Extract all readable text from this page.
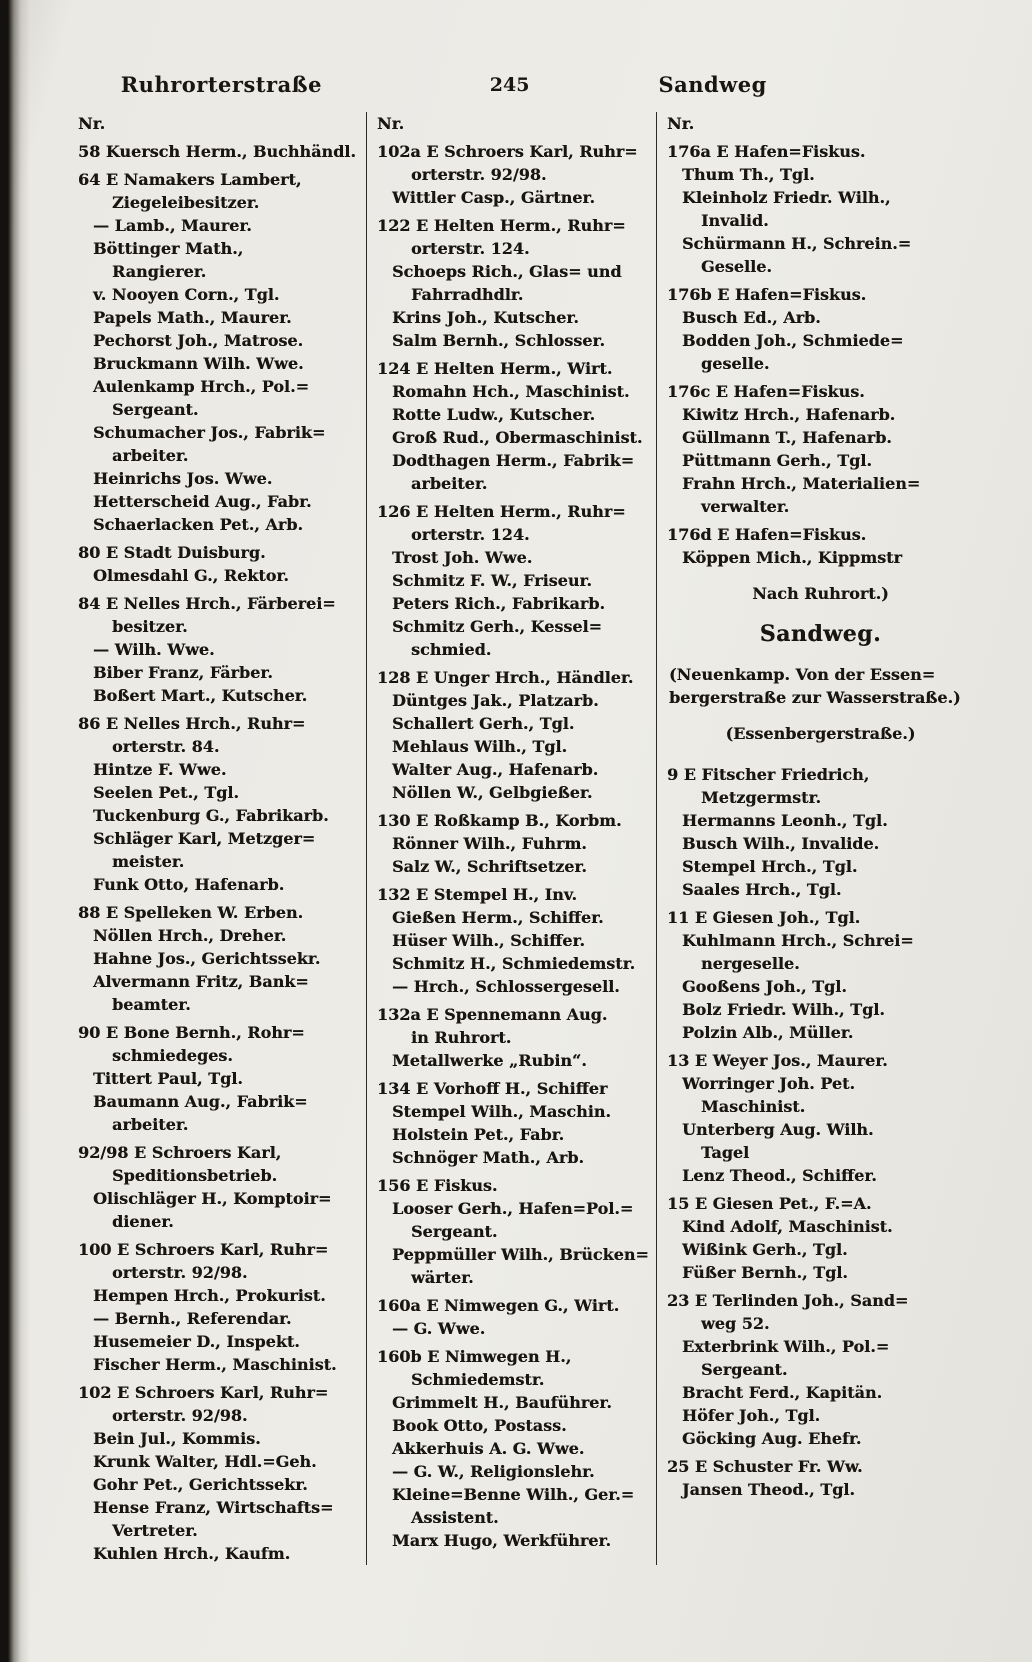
Ruhrorterstraße	245	Sandweg
Nr.
58 Kuersch Herm., Buchhändl.
64 E Namakers Lambert,
Ziegeleibesitzer.
— Lamb., Maurer.
Böttinger Math.,
Rangierer.
v. Nooyen Corn., Tgl.
Papels Math., Maurer.
Pechorst Joh., Matrose.
Bruckmann Wilh. Wwe.
Aulenkamp Hrch., Pol.=
Sergeant.
Schumacher Jos., Fabrik=
arbeiter.
Heinrichs Jos. Wwe.
Hetterscheid Aug., Fabr.
Schaerlacken Pet., Arb.
80 E Stadt Duisburg.
Olmesdahl G., Rektor.
84 E Nelles Hrch., Färberei=
besitzer.
— Wilh. Wwe.
Biber Franz, Färber.
Boßert Mart., Kutscher.
86 E Nelles Hrch., Ruhr=
orterstr. 84.
Hintze F. Wwe.
Seelen Pet., Tgl.
Tuckenburg G., Fabrikarb.
Schläger Karl, Metzger=
meister.
Funk Otto, Hafenarb.
88 E Spelleken W. Erben.
Nöllen Hrch., Dreher.
Hahne Jos., Gerichtssekr.
Alvermann Fritz, Bank=
beamter.
90 E Bone Bernh., Rohr=
schmiedeges.
Tittert Paul, Tgl.
Baumann Aug., Fabrik=
arbeiter.
92/98 E Schroers Karl,
Speditionsbetrieb.
Olischläger H., Komptoir=
diener.
100 E Schroers Karl, Ruhr=
orterstr. 92/98.
Hempen Hrch., Prokurist.
— Bernh., Referendar.
Husemeier D., Inspekt.
Fischer Herm., Maschinist.
102 E Schroers Karl, Ruhr=
orterstr. 92/98.
Bein Jul., Kommis.
Krunk Walter, Hdl.=Geh.
Gohr Pet., Gerichtssekr.
Hense Franz, Wirtschafts=
Vertreter.
Kuhlen Hrch., Kaufm.
Nr.
102a E Schroers Karl, Ruhr=
orterstr. 92/98.
Wittler Casp., Gärtner.
122 E Helten Herm., Ruhr=
orterstr. 124.
Schoeps Rich., Glas= und
Fahrradhdlr.
Krins Joh., Kutscher.
Salm Bernh., Schlosser.
124 E Helten Herm., Wirt.
Romahn Hch., Maschinist.
Rotte Ludw., Kutscher.
Groß Rud., Obermaschinist.
Dodthagen Herm., Fabrik=
arbeiter.
126 E Helten Herm., Ruhr=
orterstr. 124.
Trost Joh. Wwe.
Schmitz F. W., Friseur.
Peters Rich., Fabrikarb.
Schmitz Gerh., Kessel=
schmied.
128 E Unger Hrch., Händler.
Düntges Jak., Platzarb.
Schallert Gerh., Tgl.
Mehlaus Wilh., Tgl.
Walter Aug., Hafenarb.
Nöllen W., Gelbgießer.
130 E Roßkamp B., Korbm.
Rönner Wilh., Fuhrm.
Salz W., Schriftsetzer.
132 E Stempel H., Inv.
Gießen Herm., Schiffer.
Hüser Wilh., Schiffer.
Schmitz H., Schmiedemstr.
— Hrch., Schlossergesell.
132a E Spennemann Aug.
in Ruhrort.
Metallwerke „Rubin“.
134 E Vorhoff H., Schiffer
Stempel Wilh., Maschin.
Holstein Pet., Fabr.
Schnöger Math., Arb.
156 E Fiskus.
Looser Gerh., Hafen=Pol.=
Sergeant.
Peppmüller Wilh., Brücken=
wärter.
160a E Nimwegen G., Wirt.
— G. Wwe.
160b E Nimwegen H.,
Schmiedemstr.
Grimmelt H., Bauführer.
Book Otto, Postass.
Akkerhuis A. G. Wwe.
— G. W., Religionslehr.
Kleine=Benne Wilh., Ger.=
Assistent.
Marx Hugo, Werkführer.
Nr.
176a E Hafen=Fiskus.
Thum Th., Tgl.
Kleinholz Friedr. Wilh.,
Invalid.
Schürmann H., Schrein.=
Geselle.
176b E Hafen=Fiskus.
Busch Ed., Arb.
Bodden Joh., Schmiede=
geselle.
176c E Hafen=Fiskus.
Kiwitz Hrch., Hafenarb.
Güllmann T., Hafenarb.
Püttmann Gerh., Tgl.
Frahn Hrch., Materialien=
verwalter.
176d E Hafen=Fiskus.
Köppen Mich., Kippmstr
Nach Ruhrort.)
Sandweg.
(Neuenkamp. Von der Essen=
bergerstraße zur Wasserstraße.)
(Essenbergerstraße.)
9 E Fitscher Friedrich,
Metzgermstr.
Hermanns Leonh., Tgl.
Busch Wilh., Invalide.
Stempel Hrch., Tgl.
Saales Hrch., Tgl.
11 E Giesen Joh., Tgl.
Kuhlmann Hrch., Schrei=
nergeselle.
Gooßens Joh., Tgl.
Bolz Friedr. Wilh., Tgl.
Polzin Alb., Müller.
13 E Weyer Jos., Maurer.
Worringer Joh. Pet.
Maschinist.
Unterberg Aug. Wilh.
Tagel
Lenz Theod., Schiffer.
15 E Giesen Pet., F.=A.
Kind Adolf, Maschinist.
Wißink Gerh., Tgl.
Füßer Bernh., Tgl.
23 E Terlinden Joh., Sand=
weg 52.
Exterbrink Wilh., Pol.=
Sergeant.
Bracht Ferd., Kapitän.
Höfer Joh., Tgl.
Göcking Aug. Ehefr.
25 E Schuster Fr. Ww.
Jansen Theod., Tgl.
